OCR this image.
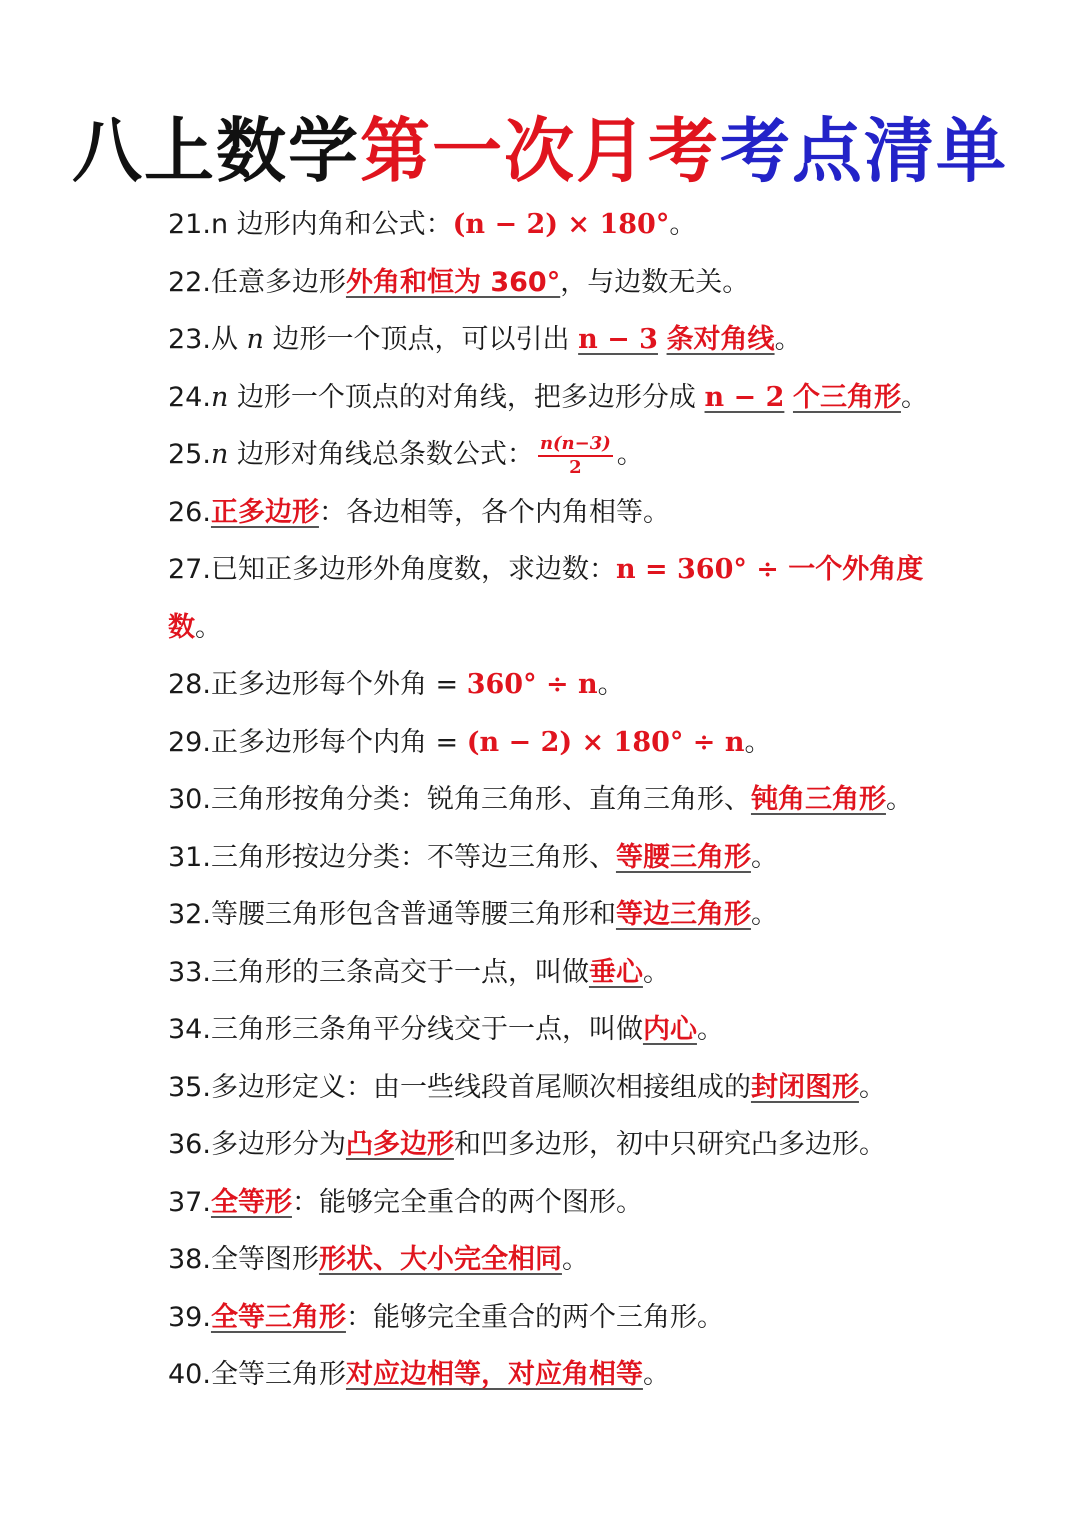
八上数学第一次月考考点清单
21.n 边形内角和公式：(n − 2) × 180°。
22.任意多边形外角和恒为 360°，与边数无关。
23.从 n 边形一个顶点，可以引出 n − 3 条对角线。
24.n 边形一个顶点的对角线，把多边形分成 n − 2 个三角形。
25.n 边形对角线总条数公式： $\frac{n(n-3)}{2}$ 。
26.正多边形：各边相等，各个内角相等。
27.已知正多边形外角度数，求边数：n = 360° ÷ 一个外角度数。
28.正多边形每个外角 = 360° ÷ n。
29.正多边形每个内角 = (n − 2) × 180° ÷ n。
30.三角形按角分类：锐角三角形、直角三角形、钝角三角形。
31.三角形按边分类：不等边三角形、等腰三角形。
32.等腰三角形包含普通等腰三角形和等边三角形。
33.三角形的三条高交于一点，叫做垂心。
34.三角形三条角平分线交于一点，叫做内心。
35.多边形定义：由一些线段首尾顺次相接组成的封闭图形。
36.多边形分为凸多边形和凹多边形，初中只研究凸多边形。
37.全等形：能够完全重合的两个图形。
38.全等图形形状、大小完全相同。
39.全等三角形：能够完全重合的两个三角形。
40.全等三角形对应边相等，对应角相等。
